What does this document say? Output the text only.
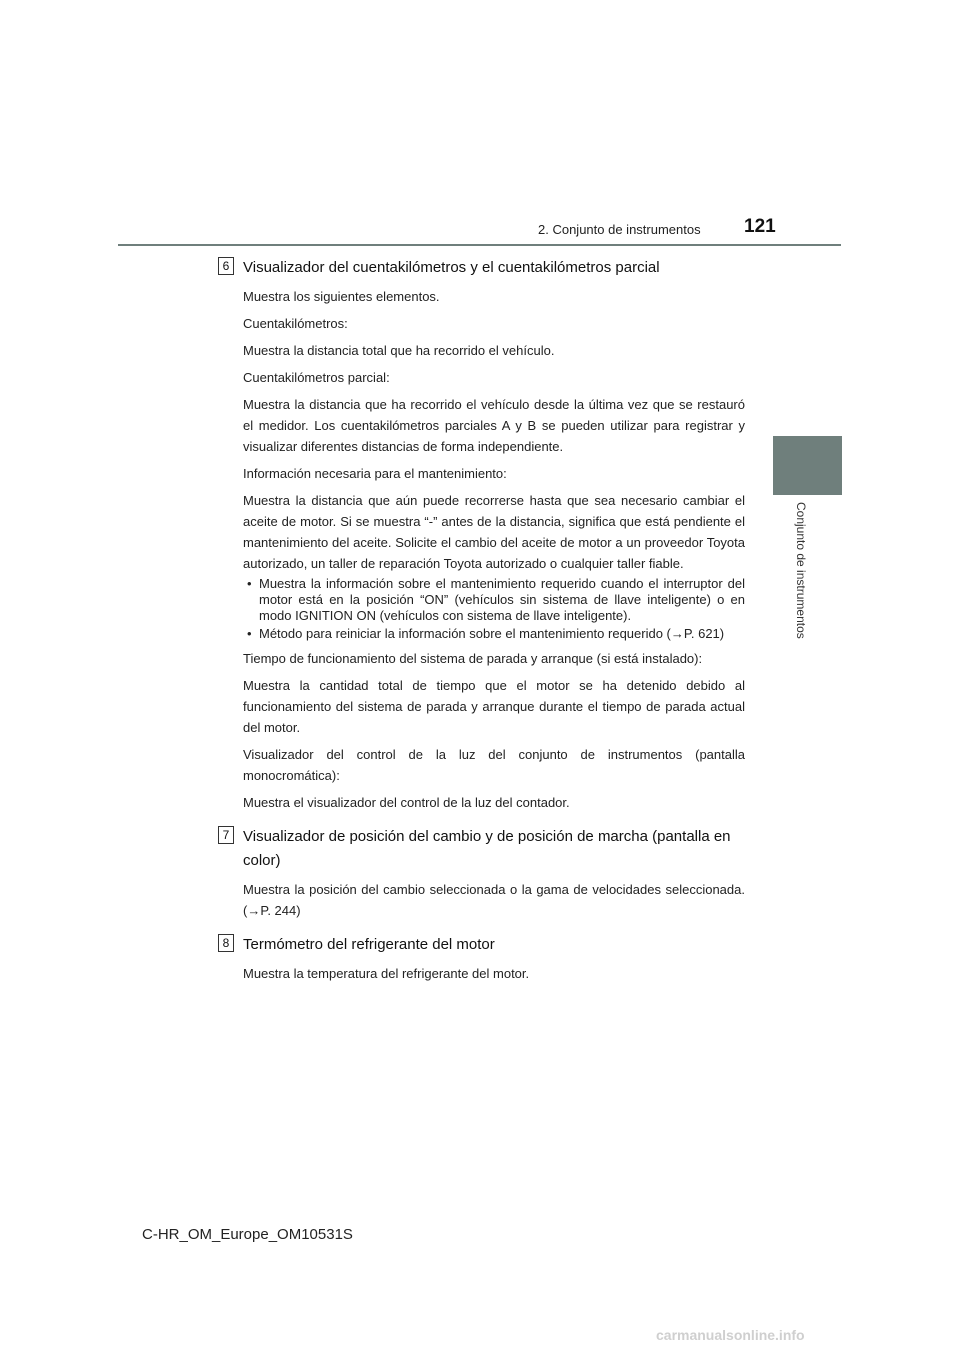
2. Conjunto de instrumentos 121
2
Conjunto de instrumentos
6 Visualizador del cuentakilómetros y el cuentakilómetros parcial

Muestra los siguientes elementos.

Cuentakilómetros:

Muestra la distancia total que ha recorrido el vehículo.

Cuentakilómetros parcial:

Muestra la distancia que ha recorrido el vehículo desde la última vez que se restauró el medidor. Los cuentakilómetros parciales A y B se pueden utilizar para registrar y visualizar diferentes distancias de forma independiente.

Información necesaria para el mantenimiento:

Muestra la distancia que aún puede recorrerse hasta que sea necesario cambiar el aceite de motor. Si se muestra “-” antes de la distancia, significa que está pendiente el mantenimiento del aceite. Solicite el cambio del aceite de motor a un proveedor Toyota autorizado, un taller de reparación Toyota autorizado o cualquier taller fiable.

• Muestra la información sobre el mantenimiento requerido cuando el interruptor del motor está en la posición “ON” (vehículos sin sistema de llave inteligente) o en modo IGNITION ON (vehículos con sistema de llave inteligente).
• Método para reiniciar la información sobre el mantenimiento requerido (→P. 621)

Tiempo de funcionamiento del sistema de parada y arranque (si está instalado):

Muestra la cantidad total de tiempo que el motor se ha detenido debido al funcionamiento del sistema de parada y arranque durante el tiempo de parada actual del motor.

Visualizador del control de la luz del conjunto de instrumentos (pantalla monocromática):

Muestra el visualizador del control de la luz del contador.

7 Visualizador de posición del cambio y de posición de marcha (pantalla en color)

Muestra la posición del cambio seleccionada o la gama de velocidades seleccionada. (→P. 244)

8 Termómetro del refrigerante del motor

Muestra la temperatura del refrigerante del motor.

C-HR_OM_Europe_OM10531S
carmanualsonline.info
